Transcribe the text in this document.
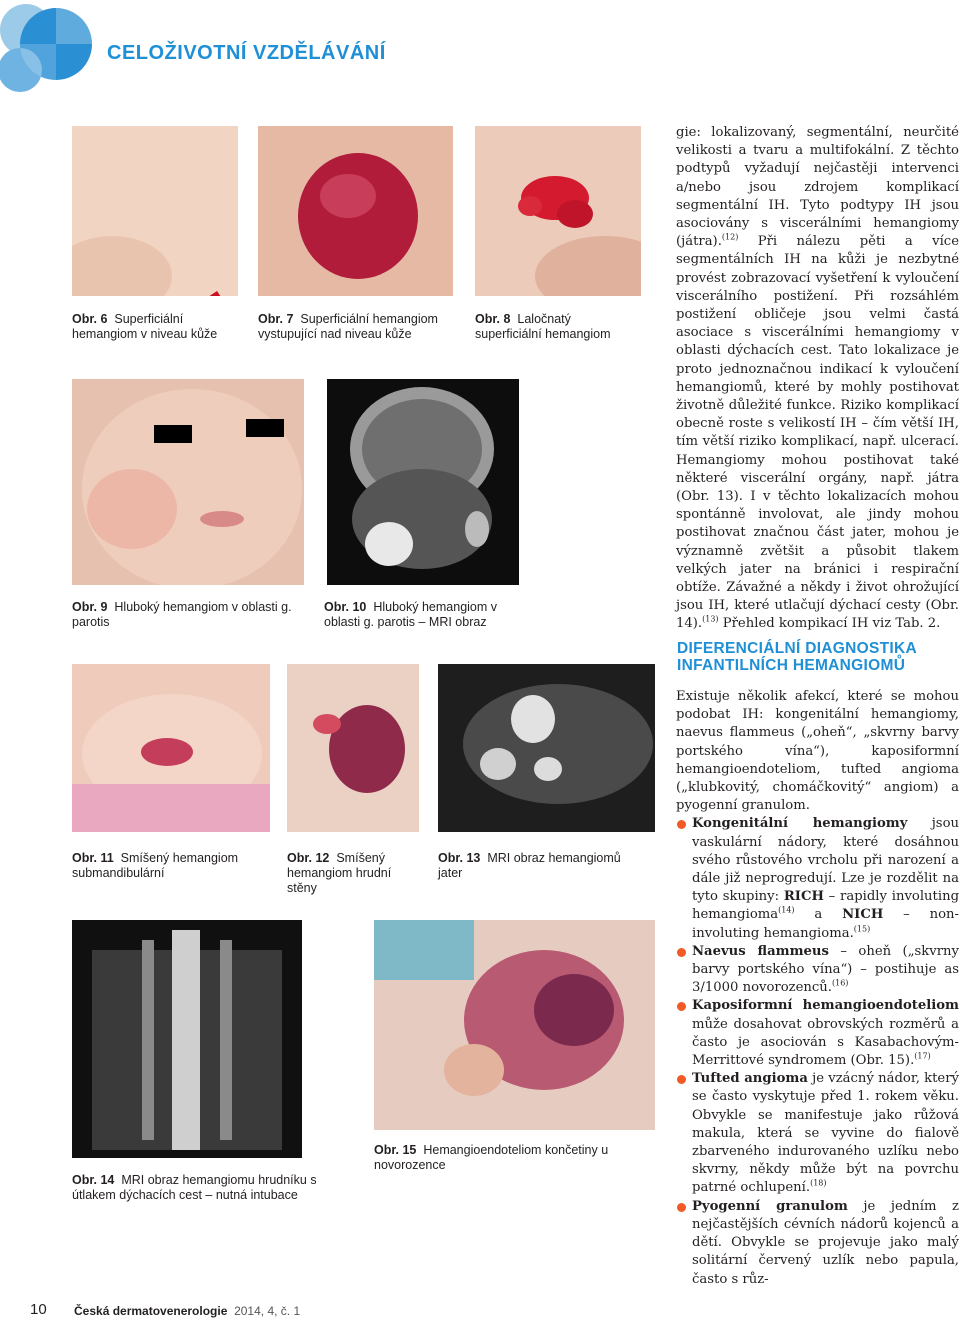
CELOŽIVOTNÍ VZDĚLÁVÁNÍ
Obr. 6 Superficiální hemangiom v niveau kůže
Obr. 7 Superficiální hemangiom vystupující nad niveau kůže
Obr. 8 Laločnatý superficiální hemangiom
Obr. 9 Hluboký hemangiom v oblasti g. parotis
Obr. 10 Hluboký hemangiom v oblasti g. parotis – MRI obraz
Obr. 11 Smíšený hemangiom submandibulární
Obr. 12 Smíšený hemangiom hrudní stěny
Obr. 13 MRI obraz hemangiomů jater
Obr. 14 MRI obraz hemangiomu hrudníku s útlakem dýchacích cest – nutná intubace
Obr. 15 Hemangioendoteliom končetiny u novorozence

gie: lokalizovaný, segmentální, neurčité velikosti a tvaru a multifokální. Z těchto podtypů vyžadují nejčastěji intervenci a/nebo jsou zdrojem komplikací segmentální IH. Tyto podtypy IH jsou asociovány s viscerálními hemangiomy (játra).$^{(12)}$ Při nálezu pěti a více segmentálních IH na kůži je nezbytné provést zobrazovací vyšetření k vyloučení viscerálního postižení. Při rozsáhlém postižení obličeje jsou velmi častá asociace s viscerálními hemangiomy v oblasti dýchacích cest. Tato lokalizace je proto jednoznačnou indikací k vyloučení hemangiomů, které by mohly postihovat životně důležité funkce. Riziko komplikací obecně roste s velikostí IH – čím větší IH, tím větší riziko komplikací, např. ulcerací. Hemangiomy mohou postihovat také některé viscerální orgány, např. játra (Obr. 13). I v těchto lokalizacích mohou spontánně involovat, ale jindy mohou postihovat značnou část jater, mohou je významně zvětšit a působit tlakem velkých jater na bránici i respirační obtíže. Závažné a někdy i život ohrožující jsou IH, které utlačují dýchací cesty (Obr. 14).$^{(13)}$ Přehled kompikací IH viz Tab. 2.

DIFERENCIÁLNÍ DIAGNOSTIKA INFANTILNÍCH HEMANGIOMŮ

Existuje několik afekcí, které se mohou podobat IH: kongenitální hemangiomy, naevus flammeus („oheň“, „skvrny barvy portského vína“), kaposiformní hemangioendoteliom, tufted angioma („klubkovitý, chomáčkovitý“ angiom) a pyogenní granulom.

Kongenitální hemangiomy jsou vaskulární nádory, které dosáhnou svého růstového vrcholu při narození a dále již neprogredují. Lze je rozdělit na tyto skupiny: RICH – rapidly involuting hemangioma$^{(14)}$ a NICH – non-involuting hemangioma.$^{(15)}$
Naevus flammeus – oheň („skvrny barvy portského vína“) – postihuje as 3/1000 novorozenců.$^{(16)}$
Kaposiformní hemangioendoteliom může dosahovat obrovských rozměrů a často je asociován s Kasabachovým-Merrittové syndromem (Obr. 15).$^{(17)}$
Tufted angioma je vzácný nádor, který se často vyskytuje před 1. rokem věku. Obvykle se manifestuje jako růžová makula, která se vyvine do fialově zbarveného indurovaného uzlíku nebo skvrny, někdy může být na povrchu patrné ochlupení.$^{(18)}$
Pyogenní granulom je jedním z nejčastějších cévních nádorů kojenců a dětí. Obvykle se projevuje jako malý solitární červený uzlík nebo papula, často s růz-
10 Česká dermatovenerologie 2014, 4, č. 1
